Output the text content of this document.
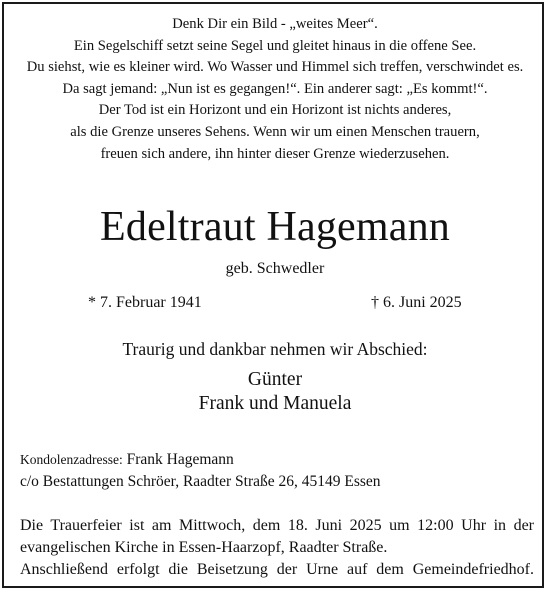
Denk Dir ein Bild - „weites Meer“.
Ein Segelschiff setzt seine Segel und gleitet hinaus in die offene See.
Du siehst, wie es kleiner wird. Wo Wasser und Himmel sich treffen, verschwindet es.
Da sagt jemand: „Nun ist es gegangen!“. Ein anderer sagt: „Es kommt!“.
Der Tod ist ein Horizont und ein Horizont ist nichts anderes,
als die Grenze unseres Sehens. Wenn wir um einen Menschen trauern,
freuen sich andere, ihn hinter dieser Grenze wiederzusehen.
Edeltraut Hagemann
geb. Schwedler
* 7. Februar 1941	† 6. Juni 2025
Traurig und dankbar nehmen wir Abschied:
Günter
Frank und Manuela
Kondolenzadresse: Frank Hagemann
c/o Bestattungen Schröer, Raadter Straße 26, 45149 Essen
Die Trauerfeier ist am Mittwoch, dem 18. Juni 2025 um 12:00 Uhr in der
evangelischen Kirche in Essen-Haarzopf, Raadter Straße.
Anschließend erfolgt die Beisetzung der Urne auf dem Gemeindefriedhof.
